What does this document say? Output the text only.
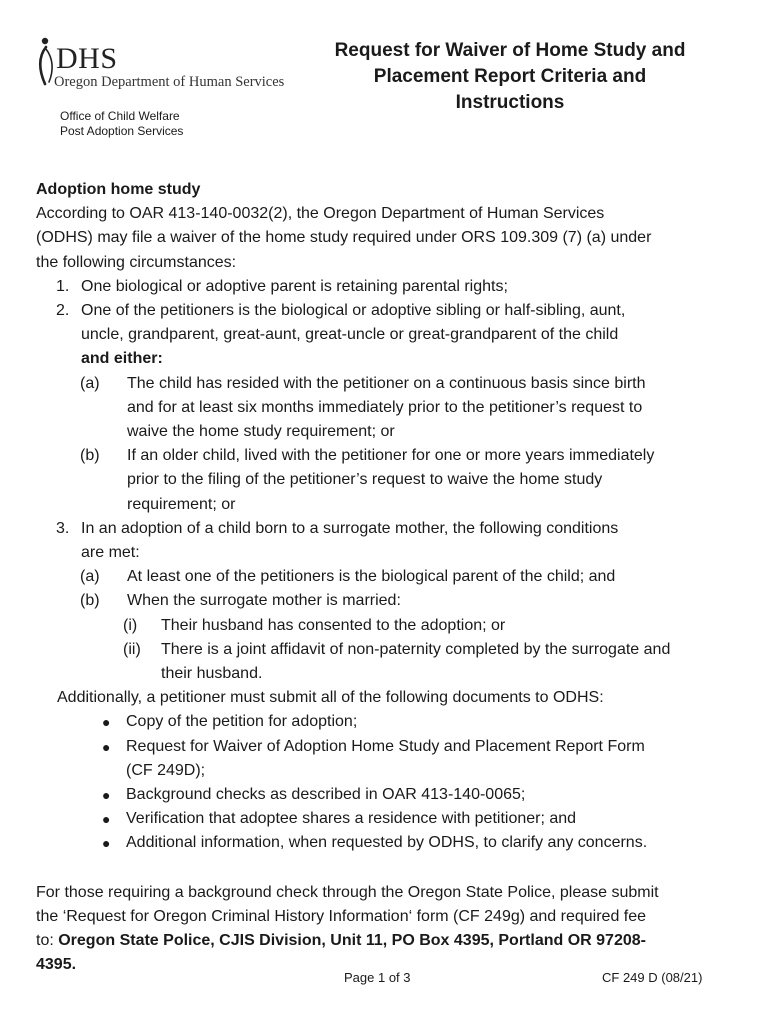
DHS
Oregon Department of Human Services
Request for Waiver of Home Study and
Placement Report Criteria and
Instructions
Office of Child Welfare
Post Adoption Services
Adoption home study
According to OAR 413-140-0032(2), the Oregon Department of Human Services
(ODHS) may file a waiver of the home study required under ORS 109.309 (7) (a) under
the following circumstances:
1. One biological or adoptive parent is retaining parental rights;
2. One of the petitioners is the biological or adoptive sibling or half-sibling, aunt,
uncle, grandparent, great-aunt, great-uncle or great-grandparent of the child
and either:
(a) The child has resided with the petitioner on a continuous basis since birth
and for at least six months immediately prior to the petitioner’s request to
waive the home study requirement; or
(b) If an older child, lived with the petitioner for one or more years immediately
prior to the filing of the petitioner’s request to waive the home study
requirement; or
3. In an adoption of a child born to a surrogate mother, the following conditions
are met:
(a) At least one of the petitioners is the biological parent of the child; and
(b) When the surrogate mother is married:
(i) Their husband has consented to the adoption; or
(ii) There is a joint affidavit of non-paternity completed by the surrogate and
their husband.
Additionally, a petitioner must submit all of the following documents to ODHS:
● Copy of the petition for adoption;
● Request for Waiver of Adoption Home Study and Placement Report Form
(CF 249D);
● Background checks as described in OAR 413-140-0065;
● Verification that adoptee shares a residence with petitioner; and
● Additional information, when requested by ODHS, to clarify any concerns.
For those requiring a background check through the Oregon State Police, please submit
the ‘Request for Oregon Criminal History Information‘ form (CF 249g) and required fee
to: Oregon State Police, CJIS Division, Unit 11, PO Box 4395, Portland OR 97208-
4395.
Page 1 of 3	CF 249 D (08/21)
